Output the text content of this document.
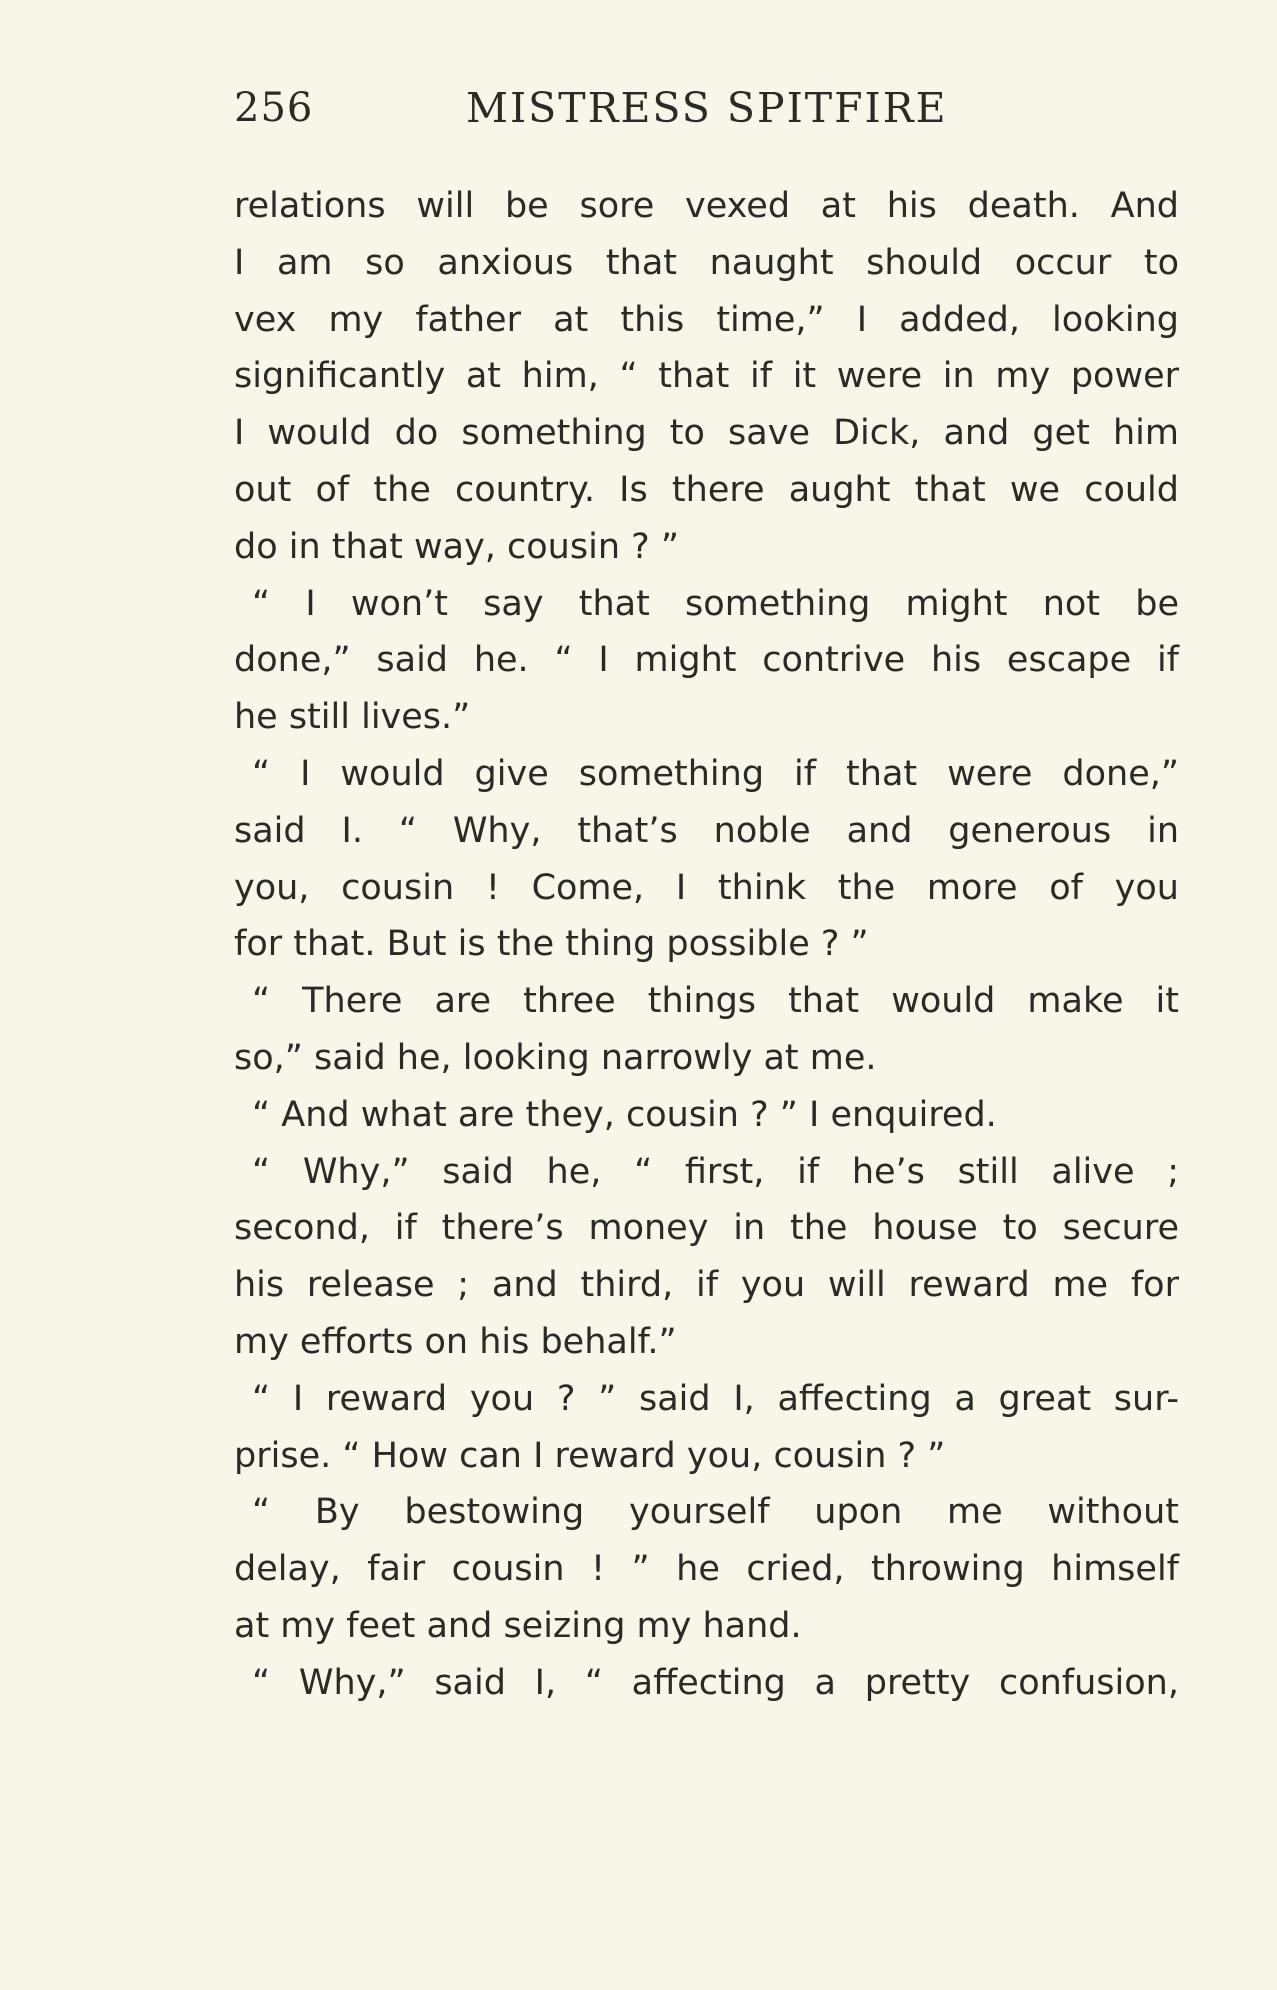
256	MISTRESS SPITFIRE
relations will be sore vexed at his death. And
I am so anxious that naught should occur to
vex my father at this time,” I added, looking
significantly at him, “ that if it were in my power
I would do something to save Dick, and get him
out of the country. Is there aught that we could
do in that way, cousin ? ”
“ I won’t say that something might not be
done,” said he. “ I might contrive his escape if
he still lives.”
“ I would give something if that were done,”
said I. “ Why, that’s noble and generous in
you, cousin ! Come, I think the more of you
for that. But is the thing possible ? ”
“ There are three things that would make it
so,” said he, looking narrowly at me.
“ And what are they, cousin ? ” I enquired.
“ Why,” said he, “ first, if he’s still alive ;
second, if there’s money in the house to secure
his release ; and third, if you will reward me for
my efforts on his behalf.”
“ I reward you ? ” said I, affecting a great sur-
prise. “ How can I reward you, cousin ? ”
“ By bestowing yourself upon me without
delay, fair cousin ! ” he cried, throwing himself
at my feet and seizing my hand.
“ Why,” said I, “ affecting a pretty confusion,
